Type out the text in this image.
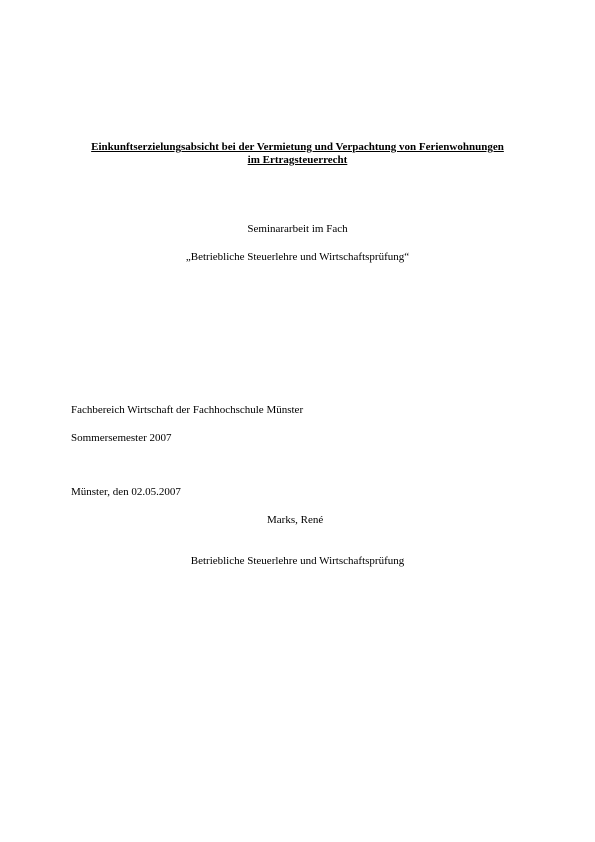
Einkunftserzielungsabsicht bei der Vermietung und Verpachtung von Ferienwohnungen
im Ertragsteuerrecht
Seminararbeit im Fach
„Betriebliche Steuerlehre und Wirtschaftsprüfung“
Fachbereich Wirtschaft der Fachhochschule Münster
Sommersemester 2007
Münster, den 02.05.2007
Marks, René
Betriebliche Steuerlehre und Wirtschaftsprüfung
